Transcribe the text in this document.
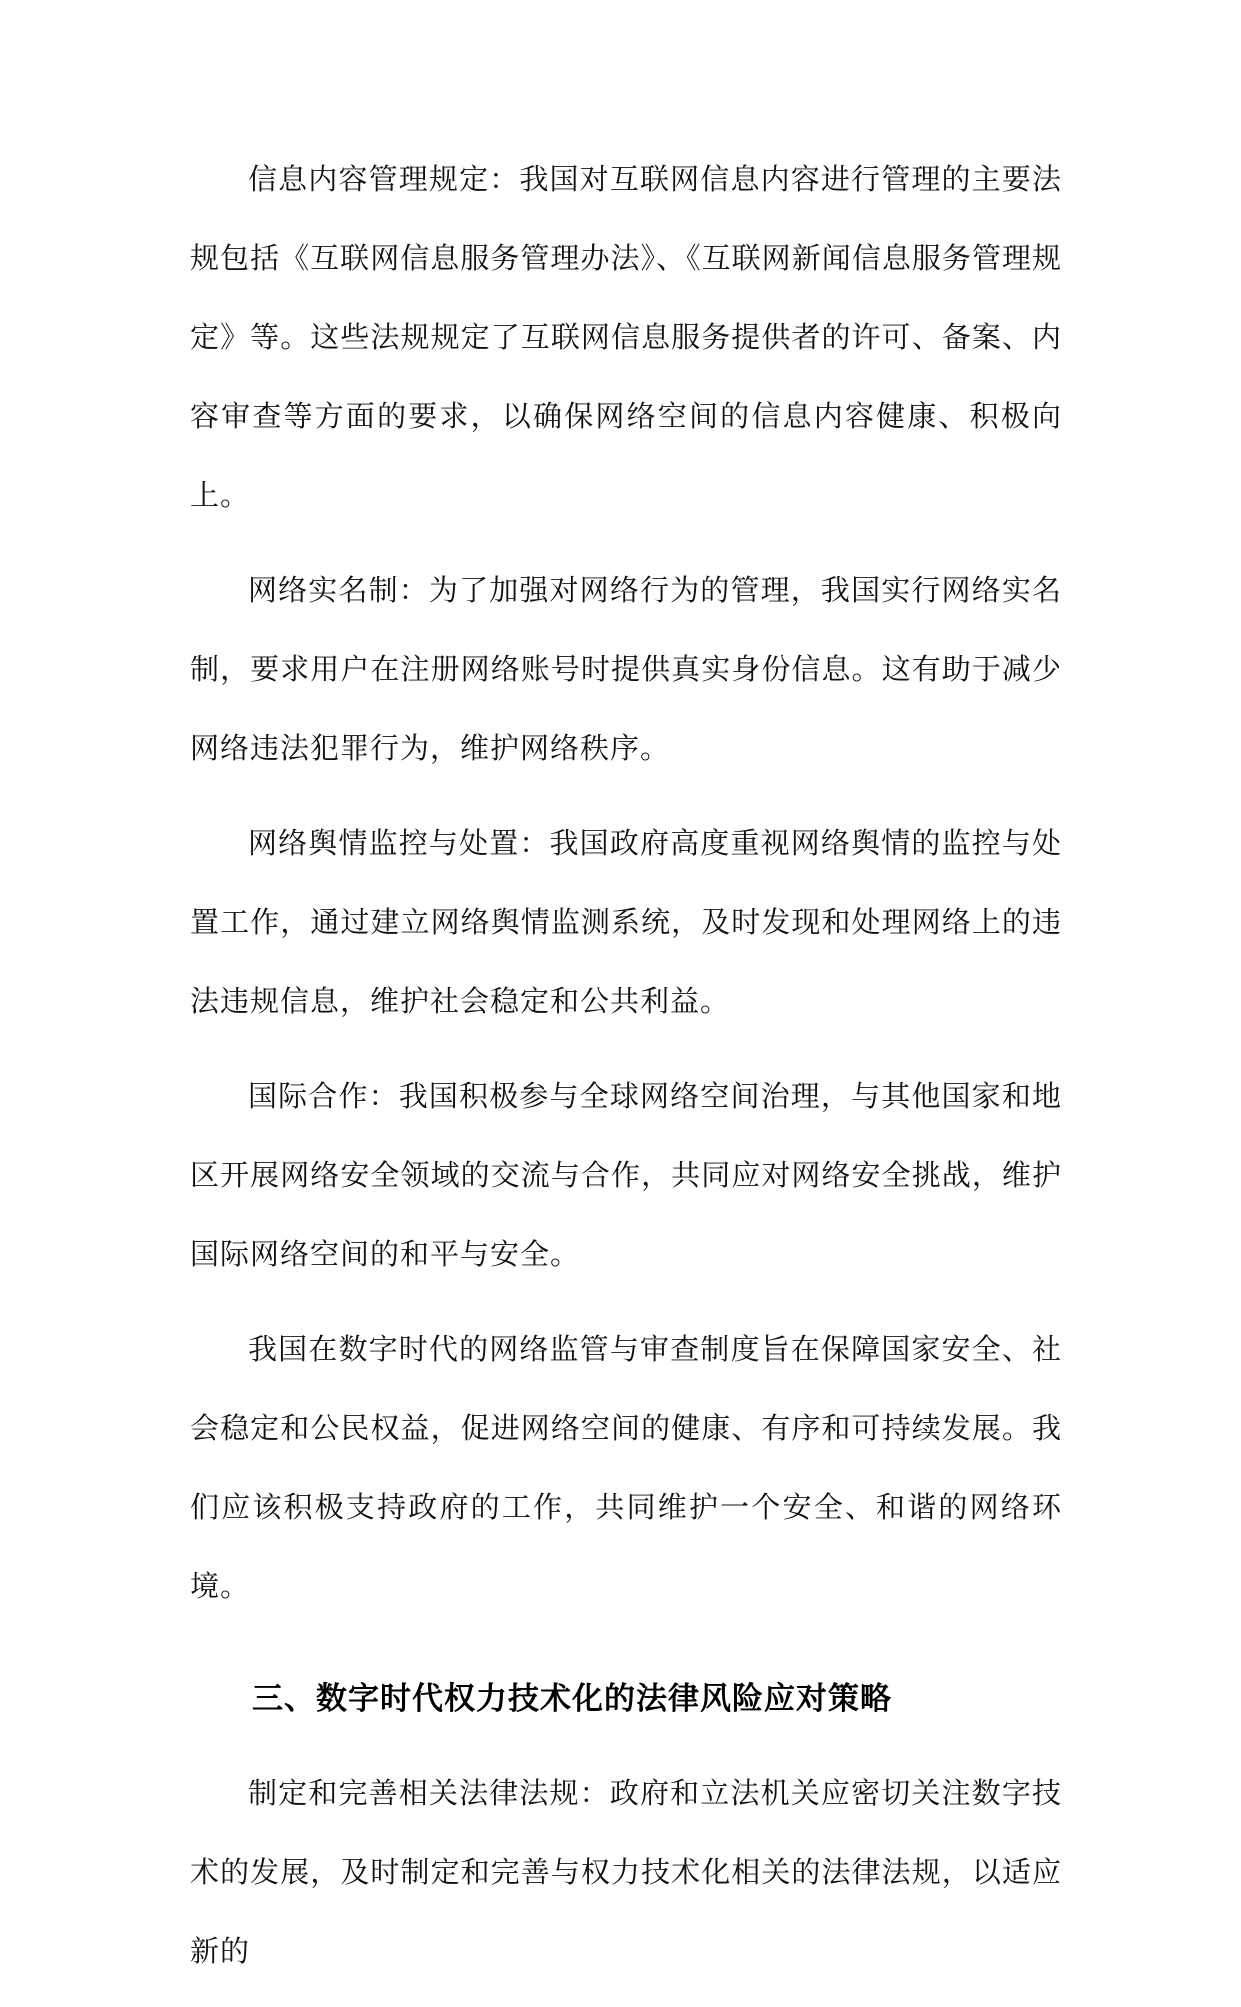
信息内容管理规定：我国对互联网信息内容进行管理的主要法规包括《互联网信息服务管理办法》、《互联网新闻信息服务管理规定》等。这些法规规定了互联网信息服务提供者的许可、备案、内容审查等方面的要求，以确保网络空间的信息内容健康、积极向上。

网络实名制：为了加强对网络行为的管理，我国实行网络实名制，要求用户在注册网络账号时提供真实身份信息。这有助于减少网络违法犯罪行为，维护网络秩序。

网络舆情监控与处置：我国政府高度重视网络舆情的监控与处置工作，通过建立网络舆情监测系统，及时发现和处理网络上的违法违规信息，维护社会稳定和公共利益。

国际合作：我国积极参与全球网络空间治理，与其他国家和地区开展网络安全领域的交流与合作，共同应对网络安全挑战，维护国际网络空间的和平与安全。

我国在数字时代的网络监管与审查制度旨在保障国家安全、社会稳定和公民权益，促进网络空间的健康、有序和可持续发展。我们应该积极支持政府的工作，共同维护一个安全、和谐的网络环境。

三、数字时代权力技术化的法律风险应对策略

制定和完善相关法律法规：政府和立法机关应密切关注数字技术的发展，及时制定和完善与权力技术化相关的法律法规，以适应新的
